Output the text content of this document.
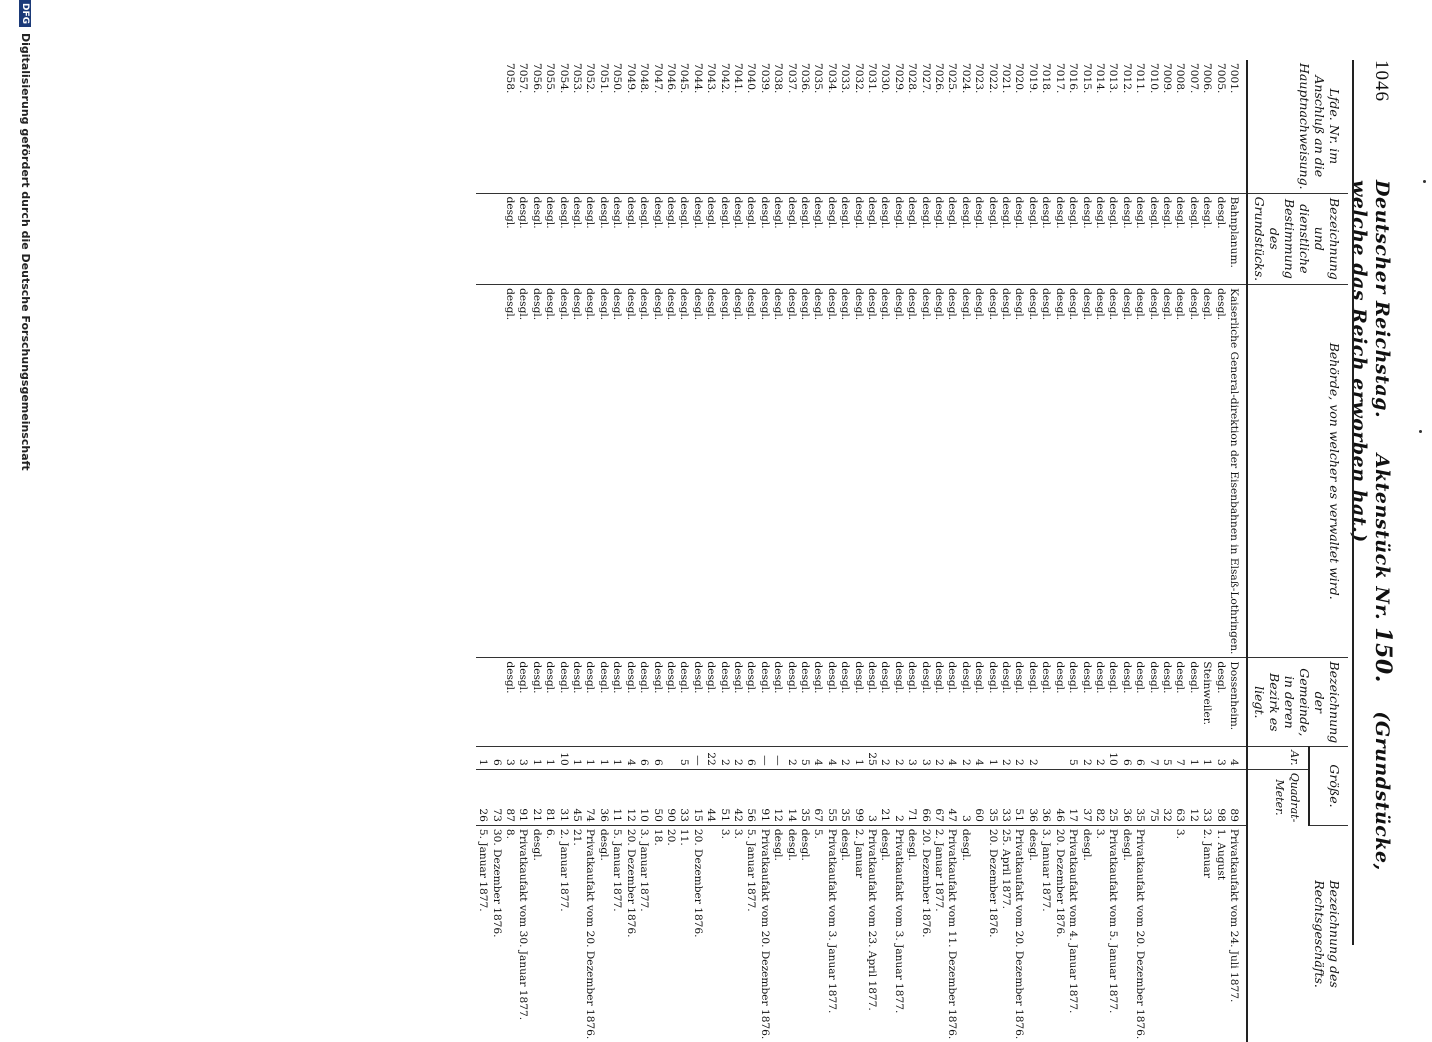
1046
Deutscher Reichstag.     Aktenstück Nr. 150.    (Grundstücke, welche das Reich erworben hat.)
Lfde. Nr. im Anschluß an die Hauptnachweisung.	Bezeichnung und dienstliche Bestimmung des Grundstücks.	Behörde, von welcher es verwaltet wird.	Bezeichnung der Gemeinde, in deren Bezirk es liegt.	Größe.		Bezeichnung des Rechtsgeschäfts.
				Ar.	Quadrat-Meter.	
7001.	Bahnplanum.	Kaiserliche General-direktion der Eisenbahnen in Elsaß-Lothringen.	Dossenheim.	4	89	Privatkaufakt vom 24. Juli 1877.
7005.	desgl.	desgl.	desgl.	3	98	1. August
7006.	desgl.	desgl.	Steinweiler.	1	33	2. Januar
7007.	desgl.	desgl.	desgl.	1	12	
7008.	desgl.	desgl.	desgl.	7	63	3.
7009.	desgl.	desgl.	desgl.	5	32	
7010.	desgl.	desgl.	desgl.	7	75	
7011.	desgl.	desgl.	desgl.	6	35	Privatkaufakt vom 20. Dezember 1876.
7012.	desgl.	desgl.	desgl.	6	36	desgl.
7013.	desgl.	desgl.	desgl.	10	25	Privatkaufakt vom 5. Januar 1877.
7014.	desgl.	desgl.	desgl.	2	82	3.
7015.	desgl.	desgl.	desgl.	2	37	desgl.
7016.	desgl.	desgl.	desgl.	5	17	Privatkaufakt vom 4. Januar 1877.
7017.	desgl.	desgl.	desgl.		46	20. Dezember 1876.
7018.	desgl.	desgl.	desgl.		36	3. Januar 1877.
7019.	desgl.	desgl.	desgl.	2	36	desgl.
7020.	desgl.	desgl.	desgl.	2	51	Privatkaufakt vom 20. Dezember 1876.
7021.	desgl.	desgl.	desgl.	2	33	25. April 1877.
7022.	desgl.	desgl.	desgl.	1	35	20. Dezember 1876.
7023.	desgl.	desgl.	desgl.	4	60	
7024.	desgl.	desgl.	desgl.	2	3	desgl.
7025.	desgl.	desgl.	desgl.	4	47	Privatkaufakt vom 11. Dezember 1876.
7026.	desgl.	desgl.	desgl.	2	67	2. Januar 1877.
7027.	desgl.	desgl.	desgl.	3	66	20. Dezember 1876.
7028.	desgl.	desgl.	desgl.	3	71	desgl.
7029.	desgl.	desgl.	desgl.	2	2	Privatkaufakt vom 3. Januar 1877.
7030.	desgl.	desgl.	desgl.	2	21	desgl.
7031.	desgl.	desgl.	desgl.	25	3	Privatkaufakt vom 23. April 1877.
7032.	desgl.	desgl.	desgl.	1	99	2. Januar
7033.	desgl.	desgl.	desgl.	2	35	desgl.
7034.	desgl.	desgl.	desgl.	4	55	Privatkaufakt vom 3. Januar 1877.
7035.	desgl.	desgl.	desgl.	4	67	5.
7036.	desgl.	desgl.	desgl.	5	35	desgl.
7037.	desgl.	desgl.	desgl.	2	14	desgl.
7038.	desgl.	desgl.	desgl.	—	12	desgl.
7039.	desgl.	desgl.	desgl.	—	91	Privatkaufakt vom 20. Dezember 1876.
7040.	desgl.	desgl.	desgl.	6	56	5. Januar 1877.
7041.	desgl.	desgl.	desgl.	2	42	3.
7042.	desgl.	desgl.	desgl.	2	51	3.
7043.	desgl.	desgl.	desgl.	22	44	
7044.	desgl.	desgl.	desgl.	—	15	20. Dezember 1876.
7045.	desgl.	desgl.	desgl.	5	33	11.
7046.	desgl.	desgl.	desgl.		90	20.
7047.	desgl.	desgl.	desgl.	6	50	18.
7048.	desgl.	desgl.	desgl.	6	10	3. Januar 1877.
7049.	desgl.	desgl.	desgl.	4	12	20. Dezember 1876.
7050.	desgl.	desgl.	desgl.	1	11	5. Januar 1877.
7051.	desgl.	desgl.	desgl.	1	36	desgl.
7052.	desgl.	desgl.	desgl.	1	74	Privatkaufakt vom 20. Dezember 1876.
7053.	desgl.	desgl.	desgl.	1	45	21.
7054.	desgl.	desgl.	desgl.	10	31	2. Januar 1877.
7055.	desgl.	desgl.	desgl.	1	81	6.
7056.	desgl.	desgl.	desgl.	1	21	desgl.
7057.	desgl.	desgl.	desgl.	3	91	Privatkaufakt vom 30. Januar 1877.
7058.	desgl.	desgl.	desgl.	3	87	8.
				6	73	30. Dezember 1876.
				1	26	5. Januar 1877.
DFG
Digitalisierung gefördert durch die Deutsche Forschungsgemeinschaft
